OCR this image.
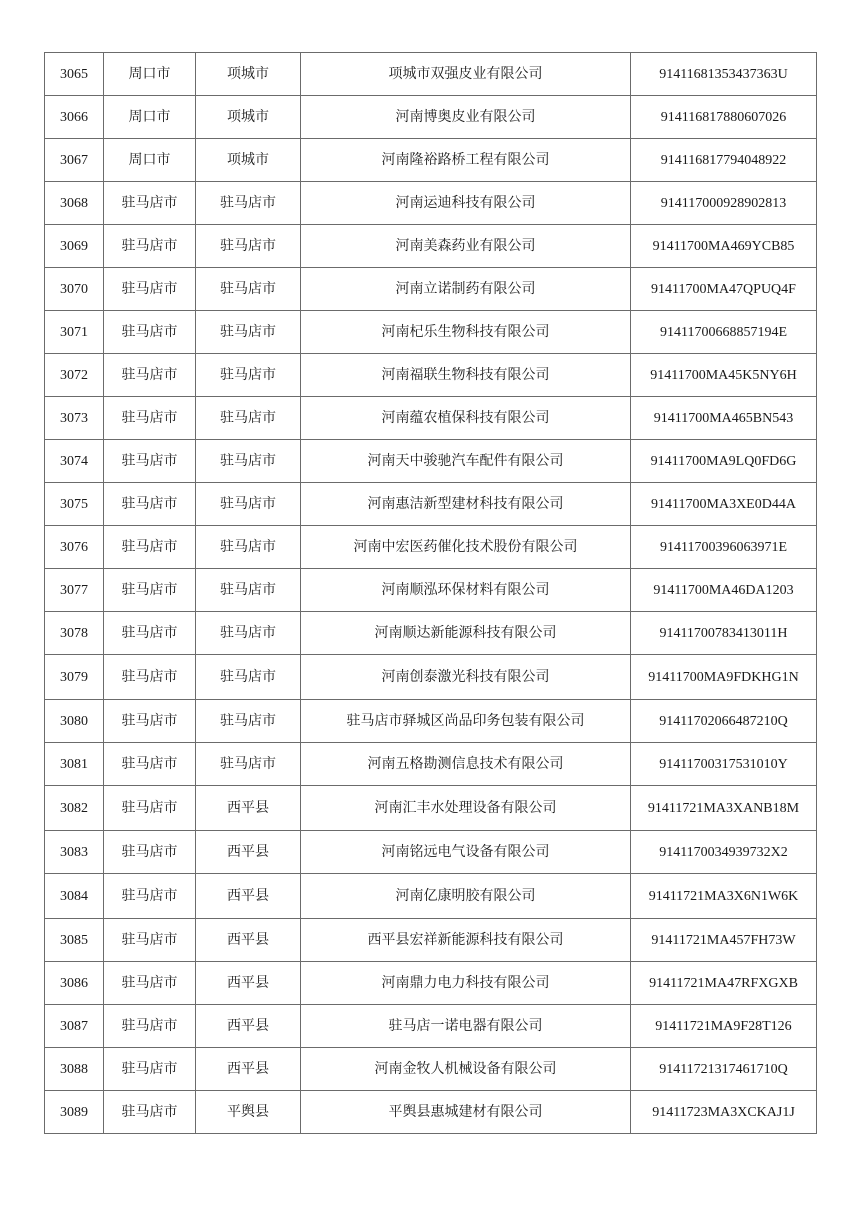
3065	周口市	项城市	项城市双强皮业有限公司	91411681353437363U
3066	周口市	项城市	河南博奥皮业有限公司	914116817880607026
3067	周口市	项城市	河南隆裕路桥工程有限公司	914116817794048922
3068	驻马店市	驻马店市	河南运迪科技有限公司	914117000928902813
3069	驻马店市	驻马店市	河南美森药业有限公司	91411700MA469YCB85
3070	驻马店市	驻马店市	河南立诺制药有限公司	91411700MA47QPUQ4F
3071	驻马店市	驻马店市	河南杞乐生物科技有限公司	91411700668857194E
3072	驻马店市	驻马店市	河南福联生物科技有限公司	91411700MA45K5NY6H
3073	驻马店市	驻马店市	河南蕴农植保科技有限公司	91411700MA465BN543
3074	驻马店市	驻马店市	河南天中骏驰汽车配件有限公司	91411700MA9LQ0FD6G
3075	驻马店市	驻马店市	河南惠洁新型建材科技有限公司	91411700MA3XE0D44A
3076	驻马店市	驻马店市	河南中宏医药催化技术股份有限公司	91411700396063971E
3077	驻马店市	驻马店市	河南顺泓环保材料有限公司	91411700MA46DA1203
3078	驻马店市	驻马店市	河南顺达新能源科技有限公司	91411700783413011H
3079	驻马店市	驻马店市	河南创泰激光科技有限公司	91411700MA9FDKHG1N
3080	驻马店市	驻马店市	驻马店市驿城区尚品印务包装有限公司	91411702066487210Q
3081	驻马店市	驻马店市	河南五格勘测信息技术有限公司	91411700317531010Y
3082	驻马店市	西平县	河南汇丰水处理设备有限公司	91411721MA3XANB18M
3083	驻马店市	西平县	河南铭远电气设备有限公司	9141170034939732X2
3084	驻马店市	西平县	河南亿康明胶有限公司	91411721MA3X6N1W6K
3085	驻马店市	西平县	西平县宏祥新能源科技有限公司	91411721MA457FH73W
3086	驻马店市	西平县	河南鼎力电力科技有限公司	91411721MA47RFXGXB
3087	驻马店市	西平县	驻马店一诺电器有限公司	91411721MA9F28T126
3088	驻马店市	西平县	河南金牧人机械设备有限公司	91411721317461710Q
3089	驻马店市	平舆县	平舆县惠城建材有限公司	91411723MA3XCKAJ1J
